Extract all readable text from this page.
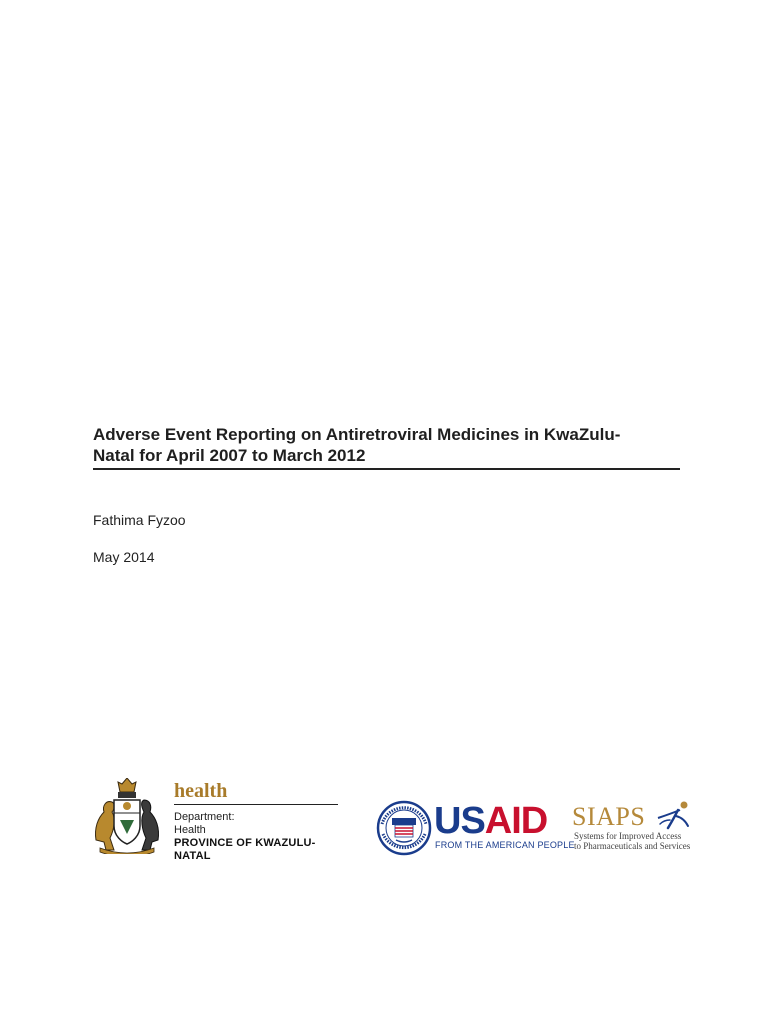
Adverse Event Reporting on Antiretroviral Medicines in KwaZulu-
Natal for April 2007 to March 2012
Fathima Fyzoo
May 2014
health
Department:
Health
PROVINCE OF KWAZULU-NATAL
USAID
FROM THE AMERICAN PEOPLE
SIAPS
Systems for Improved Access
to Pharmaceuticals and Services
